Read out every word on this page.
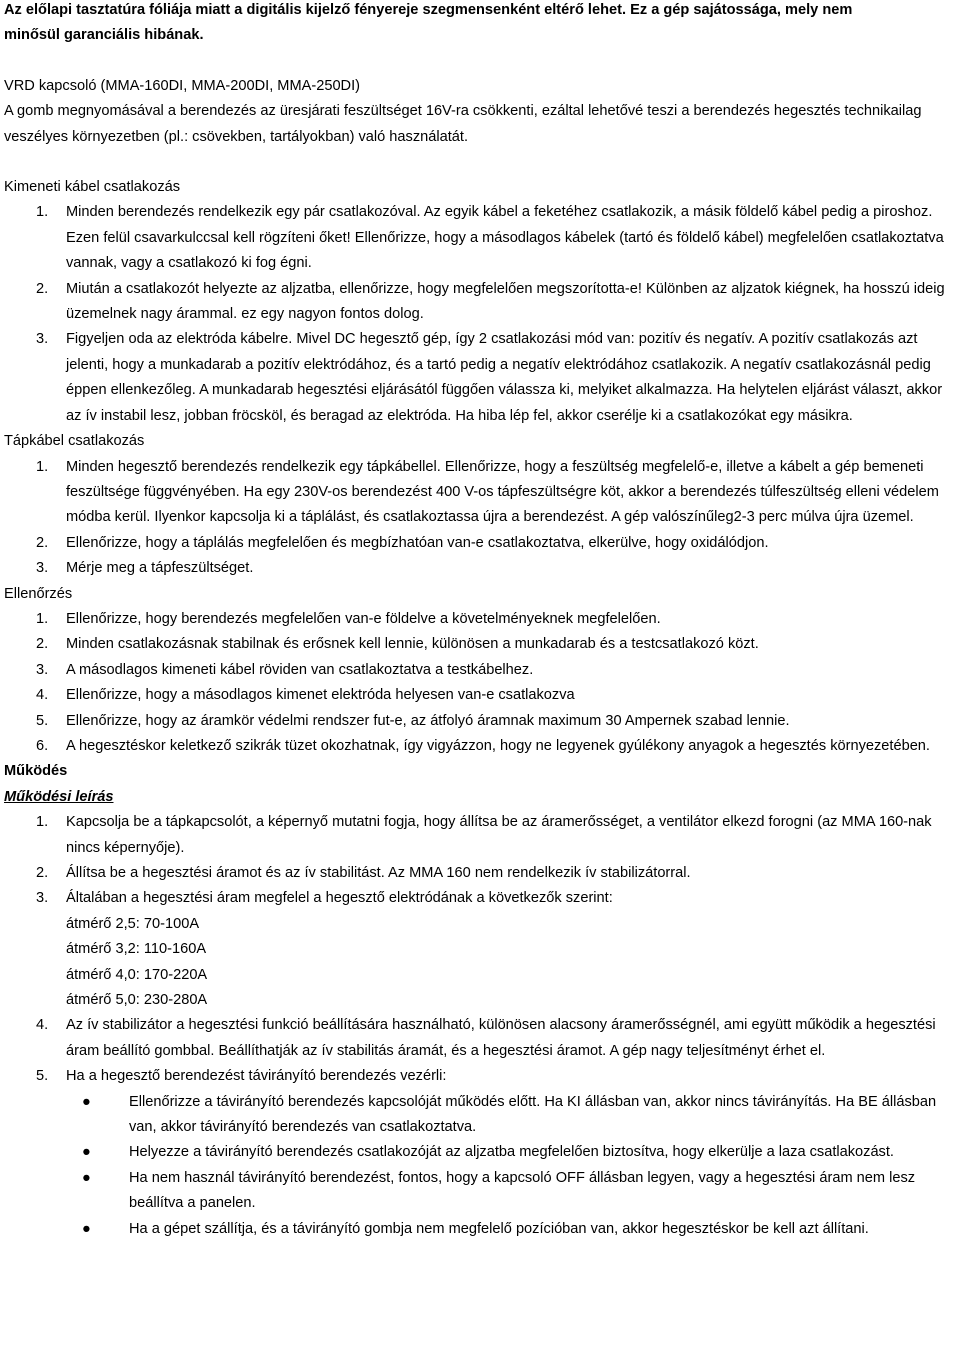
Az előlapi tasztatúra fóliája miatt a digitális kijelző fényereje szegmensenként eltérő lehet. Ez a gép sajátossága, mely nem

minősül garanciális hibának.

VRD kapcsoló (MMA-160DI, MMA-200DI, MMA-250DI)

A gomb megnyomásával a berendezés az üresjárati feszültséget 16V-ra csökkenti, ezáltal lehetővé teszi a berendezés hegesztés technikailag veszélyes környezetben (pl.: csövekben, tartályokban) való használatát.

Kimeneti kábel csatlakozás

1. Minden berendezés rendelkezik egy pár csatlakozóval. Az egyik kábel a feketéhez csatlakozik, a másik földelő kábel pedig a piroshoz. Ezen felül csavarkulccsal kell rögzíteni őket! Ellenőrizze, hogy a másodlagos kábelek (tartó és földelő kábel) megfelelően csatlakoztatva vannak, vagy a csatlakozó ki fog égni.
2. Miután a csatlakozót helyezte az aljzatba, ellenőrizze, hogy megfelelően megszorította-e! Különben az aljzatok kiégnek, ha hosszú ideig üzemelnek nagy árammal. ez egy nagyon fontos dolog.
3. Figyeljen oda az elektróda kábelre. Mivel DC hegesztő gép, így 2 csatlakozási mód van: pozitív és negatív. A pozitív csatlakozás azt jelenti, hogy a munkadarab a pozitív elektródához, és a tartó pedig a negatív elektródához csatlakozik. A negatív csatlakozásnál pedig éppen ellenkezőleg. A munkadarab hegesztési eljárásától függően válassza ki, melyiket alkalmazza. Ha helytelen eljárást választ, akkor az ív instabil lesz, jobban fröcsköl, és beragad az elektróda. Ha hiba lép fel, akkor cserélje ki a csatlakozókat egy másikra.

Tápkábel csatlakozás

1. Minden hegesztő berendezés rendelkezik egy tápkábellel. Ellenőrizze, hogy a feszültség megfelelő-e, illetve a kábelt a gép bemeneti feszültsége függvényében. Ha egy 230V-os berendezést 400 V-os tápfeszültségre köt, akkor a berendezés túlfeszültség elleni védelem módba kerül. Ilyenkor kapcsolja ki a táplálást, és csatlakoztassa újra a berendezést. A gép valószínűleg2-3 perc múlva újra üzemel.
2. Ellenőrizze, hogy a táplálás megfelelően és megbízhatóan van-e csatlakoztatva, elkerülve, hogy oxidálódjon.
3. Mérje meg a tápfeszültséget.

Ellenőrzés

1. Ellenőrizze, hogy berendezés megfelelően van-e földelve a követelményeknek megfelelően.
2. Minden csatlakozásnak stabilnak és erősnek kell lennie, különösen a munkadarab és a testcsatlakozó közt.
3. A másodlagos kimeneti kábel röviden van csatlakoztatva a testkábelhez.
4. Ellenőrizze, hogy a másodlagos kimenet elektróda helyesen van-e csatlakozva
5. Ellenőrizze, hogy az áramkör védelmi rendszer fut-e, az átfolyó áramnak maximum 30 Ampernek szabad lennie.
6. A hegesztéskor keletkező szikrák tüzet okozhatnak, így vigyázzon, hogy ne legyenek gyúlékony anyagok a hegesztés környezetében.

Működés

Működési leírás

1. Kapcsolja be a tápkapcsolót, a képernyő mutatni fogja, hogy állítsa be az áramerősséget, a ventilátor elkezd forogni (az MMA 160-nak nincs képernyője).
2. Állítsa be a hegesztési áramot és az ív stabilitást. Az MMA 160 nem rendelkezik ív stabilizátorral.
3. Általában a hegesztési áram megfelel a hegesztő elektródának a következők szerint:

átmérő 2,5: 70-100A

átmérő 3,2: 110-160A

átmérő 4,0: 170-220A

átmérő 5,0: 230-280A

4. Az ív stabilizátor a hegesztési funkció beállítására használható, különösen alacsony áramerősségnél, ami együtt működik a hegesztési áram beállító gombbal. Beállíthatják az ív stabilitás áramát, és a hegesztési áramot. A gép nagy teljesítményt érhet el.
5. Ha a hegesztő berendezést távirányító berendezés vezérli:
●	Ellenőrizze a távirányító berendezés kapcsolóját működés előtt. Ha KI állásban van, akkor nincs távirányítás. Ha BE állásban van, akkor távirányító berendezés van csatlakoztatva.
●	Helyezze a távirányító berendezés csatlakozóját az aljzatba megfelelően biztosítva, hogy elkerülje a laza csatlakozást.
●	Ha nem használ távirányító berendezést, fontos, hogy a kapcsoló OFF állásban legyen, vagy a hegesztési áram nem lesz beállítva a panelen.
●	Ha a gépet szállítja, és a távirányító gombja nem megfelelő pozícióban van, akkor hegesztéskor be kell azt állítani.
